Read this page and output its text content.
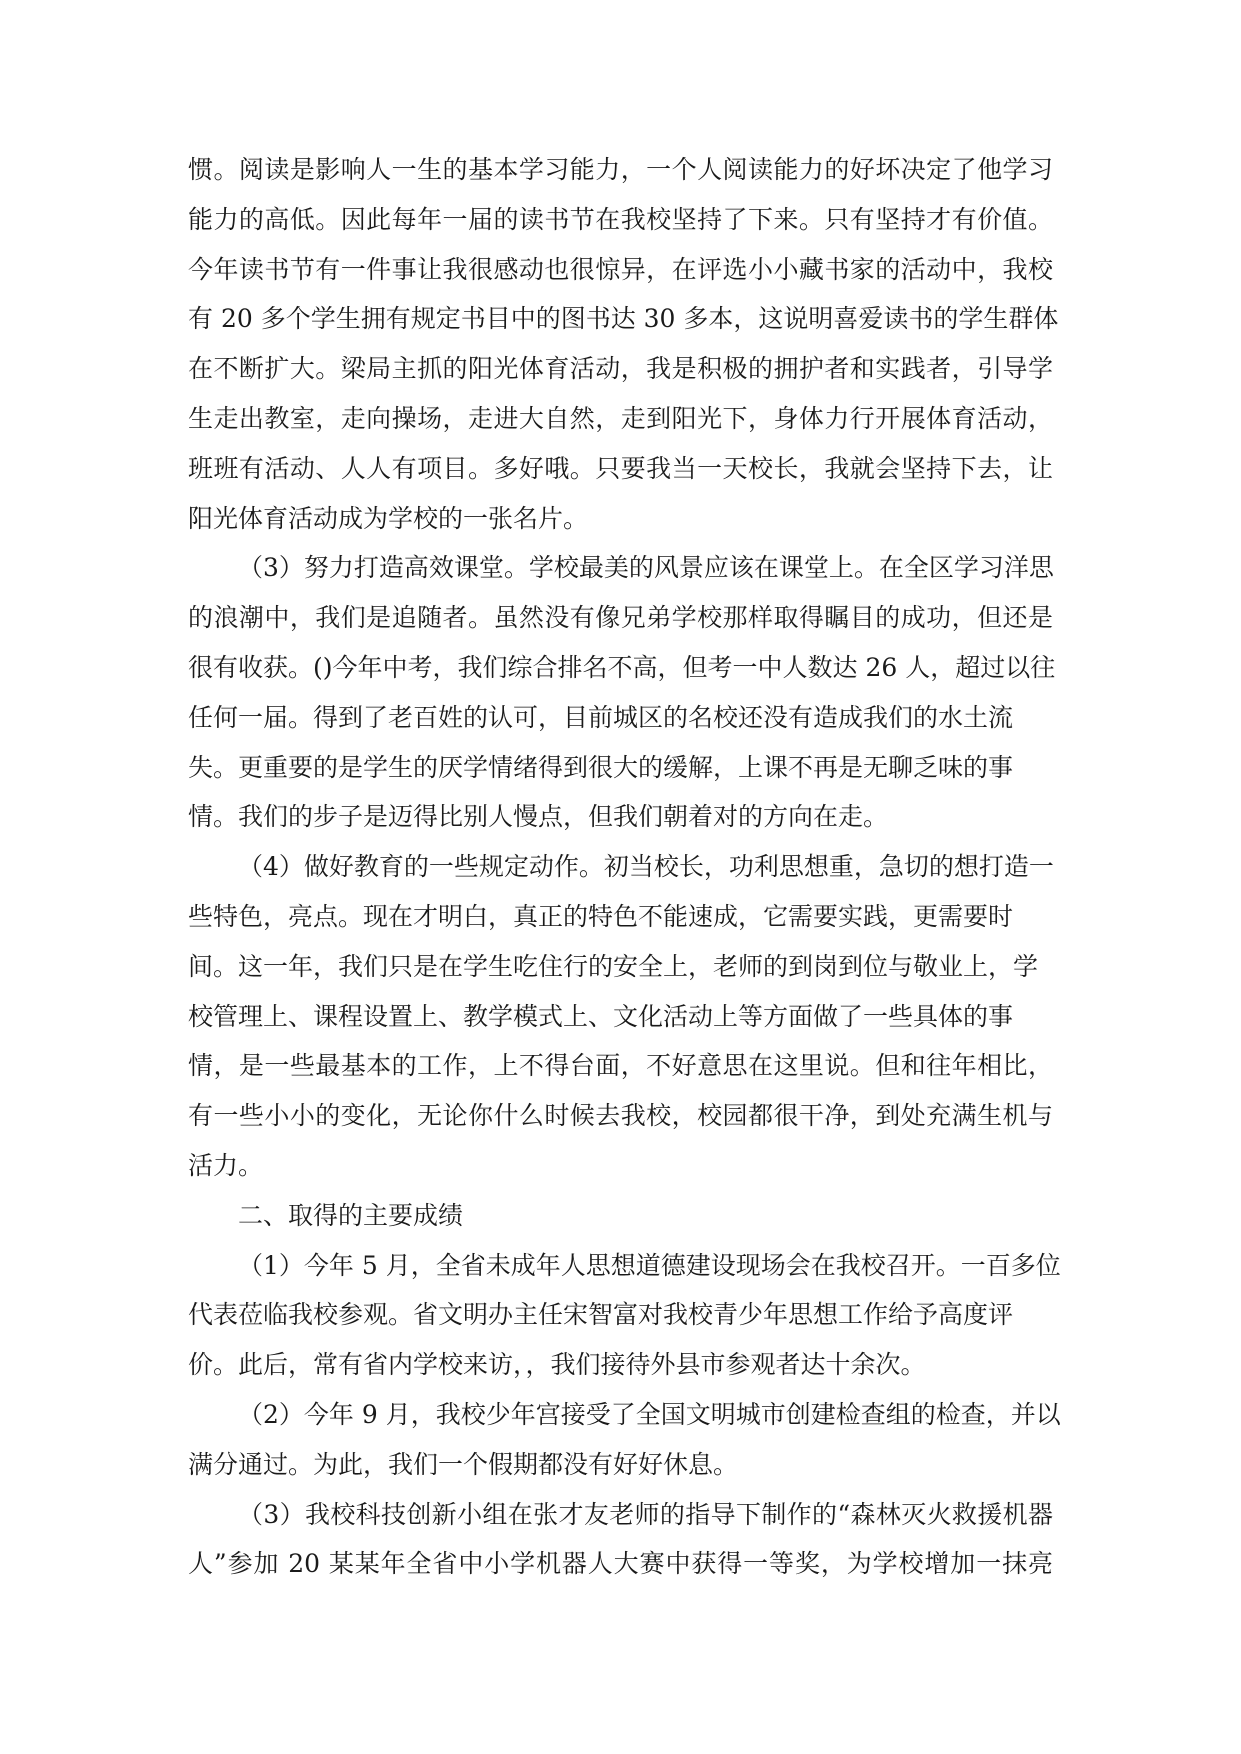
惯。阅读是影响人一生的基本学习能力，一个人阅读能力的好坏决定了他学习
能力的高低。因此每年一届的读书节在我校坚持了下来。只有坚持才有价值。
今年读书节有一件事让我很感动也很惊异，在评选小小藏书家的活动中，我校
有 20 多个学生拥有规定书目中的图书达 30 多本，这说明喜爱读书的学生群体
在不断扩大。梁局主抓的阳光体育活动，我是积极的拥护者和实践者，引导学
生走出教室，走向操场，走进大自然，走到阳光下，身体力行开展体育活动，
班班有活动、人人有项目。多好哦。只要我当一天校长，我就会坚持下去，让
阳光体育活动成为学校的一张名片。
（3）努力打造高效课堂。学校最美的风景应该在课堂上。在全区学习洋思
的浪潮中，我们是追随者。虽然没有像兄弟学校那样取得瞩目的成功，但还是
很有收获。()今年中考，我们综合排名不高，但考一中人数达 26 人，超过以往
任何一届。得到了老百姓的认可，目前城区的名校还没有造成我们的水土流
失。更重要的是学生的厌学情绪得到很大的缓解，上课不再是无聊乏味的事
情。我们的步子是迈得比别人慢点，但我们朝着对的方向在走。
（4）做好教育的一些规定动作。初当校长，功利思想重，急切的想打造一
些特色，亮点。现在才明白，真正的特色不能速成，它需要实践，更需要时
间。这一年，我们只是在学生吃住行的安全上，老师的到岗到位与敬业上，学
校管理上、课程设置上、教学模式上、文化活动上等方面做了一些具体的事
情，是一些最基本的工作，上不得台面，不好意思在这里说。但和往年相比，
有一些小小的变化，无论你什么时候去我校，校园都很干净，到处充满生机与
活力。
二、取得的主要成绩
（1）今年 5 月，全省未成年人思想道德建设现场会在我校召开。一百多位
代表莅临我校参观。省文明办主任宋智富对我校青少年思想工作给予高度评
价。此后，常有省内学校来访，，我们接待外县市参观者达十余次。
（2）今年 9 月，我校少年宫接受了全国文明城市创建检查组的检查，并以
满分通过。为此，我们一个假期都没有好好休息。
（3）我校科技创新小组在张才友老师的指导下制作的“森林灭火救援机器
人”参加 20 某某年全省中小学机器人大赛中获得一等奖，为学校增加一抹亮
